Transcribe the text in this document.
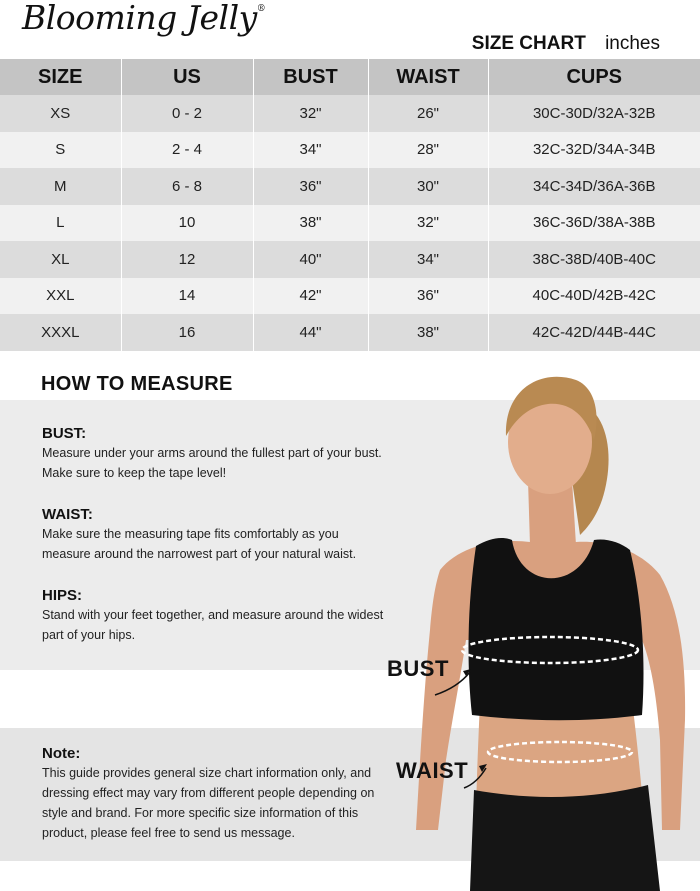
Blooming Jelly®
SIZE CHART inches
SIZE	US	BUST	WAIST	CUPS
XS	0 - 2	32"	26"	30C-30D/32A-32B
S	2 - 4	34"	28"	32C-32D/34A-34B
M	6 - 8	36"	30"	34C-34D/36A-36B
L	10	38"	32"	36C-36D/38A-38B
XL	12	40"	34"	38C-38D/40B-40C
XXL	14	42"	36"	40C-40D/42B-42C
XXXL	16	44"	38"	42C-42D/44B-44C
HOW TO MEASURE
BUST:
Measure under your arms around the fullest part of your bust.
Make sure to keep the tape level!
WAIST:
Make sure the measuring tape fits comfortably as you
measure around the narrowest part of your natural waist.
HIPS:
Stand with your feet together, and measure around the widest
part of your hips.
Note:
This guide provides general size chart information only, and
dressing effect may vary from different people depending on
style and brand. For more specific size information of this
product, please feel free to send us message.
BUST
WAIST
